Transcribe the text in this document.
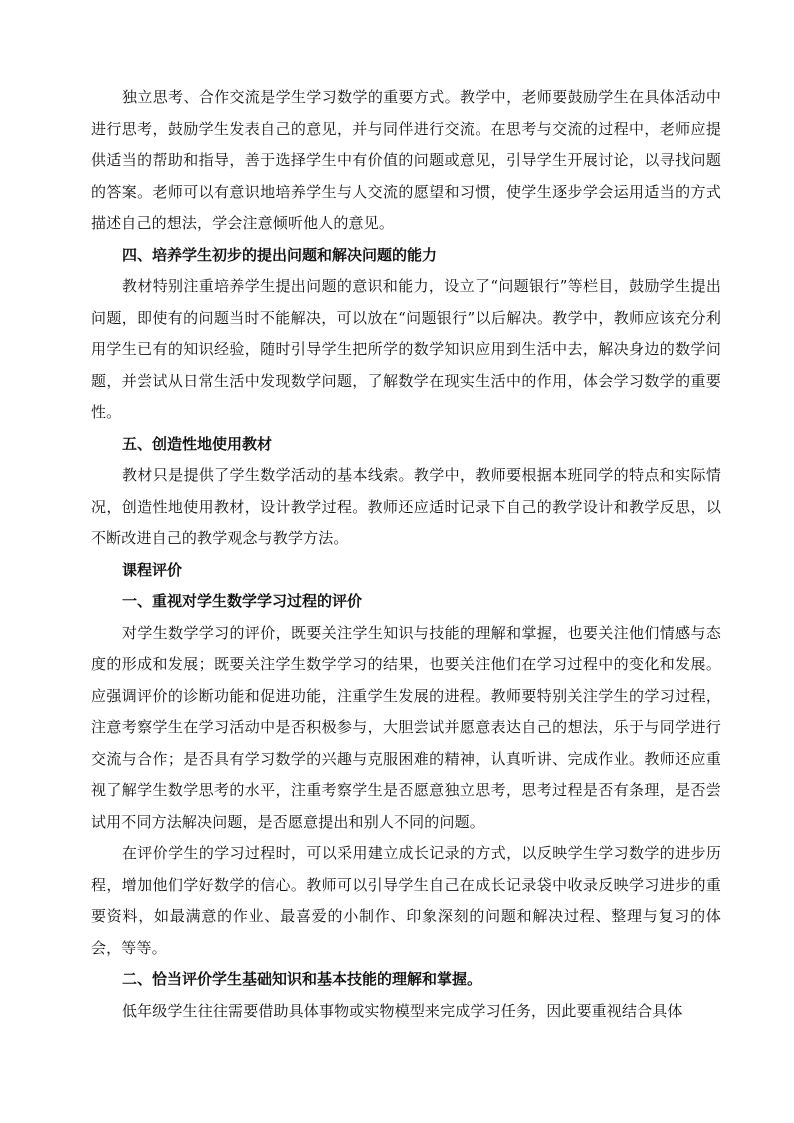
独立思考、合作交流是学生学习数学的重要方式。教学中，老师要鼓励学生在具体活动中进行思考，鼓励学生发表自己的意见，并与同伴进行交流。在思考与交流的过程中，老师应提供适当的帮助和指导，善于选择学生中有价值的问题或意见，引导学生开展讨论，以寻找问题的答案。老师可以有意识地培养学生与人交流的愿望和习惯，使学生逐步学会运用适当的方式描述自己的想法，学会注意倾听他人的意见。

四、培养学生初步的提出问题和解决问题的能力

教材特别注重培养学生提出问题的意识和能力，设立了“问题银行”等栏目，鼓励学生提出问题，即使有的问题当时不能解决，可以放在“问题银行”以后解决。教学中，教师应该充分利用学生已有的知识经验，随时引导学生把所学的数学知识应用到生活中去，解决身边的数学问题，并尝试从日常生活中发现数学问题，了解数学在现实生活中的作用，体会学习数学的重要性。

五、创造性地使用教材

教材只是提供了学生数学活动的基本线索。教学中，教师要根据本班同学的特点和实际情况，创造性地使用教材，设计教学过程。教师还应适时记录下自己的教学设计和教学反思，以不断改进自己的教学观念与教学方法。

课程评价

一、重视对学生数学学习过程的评价

对学生数学学习的评价，既要关注学生知识与技能的理解和掌握，也要关注他们情感与态度的形成和发展；既要关注学生数学学习的结果，也要关注他们在学习过程中的变化和发展。应强调评价的诊断功能和促进功能，注重学生发展的进程。教师要特别关注学生的学习过程，注意考察学生在学习活动中是否积极参与，大胆尝试并愿意表达自己的想法，乐于与同学进行交流与合作；是否具有学习数学的兴趣与克服困难的精神，认真听讲、完成作业。教师还应重视了解学生数学思考的水平，注重考察学生是否愿意独立思考，思考过程是否有条理，是否尝试用不同方法解决问题，是否愿意提出和别人不同的问题。

在评价学生的学习过程时，可以采用建立成长记录的方式，以反映学生学习数学的进步历程，增加他们学好数学的信心。教师可以引导学生自己在成长记录袋中收录反映学习进步的重要资料，如最满意的作业、最喜爱的小制作、印象深刻的问题和解决过程、整理与复习的体会，等等。

二、恰当评价学生基础知识和基本技能的理解和掌握。

低年级学生往往需要借助具体事物或实物模型来完成学习任务，因此要重视结合具体
